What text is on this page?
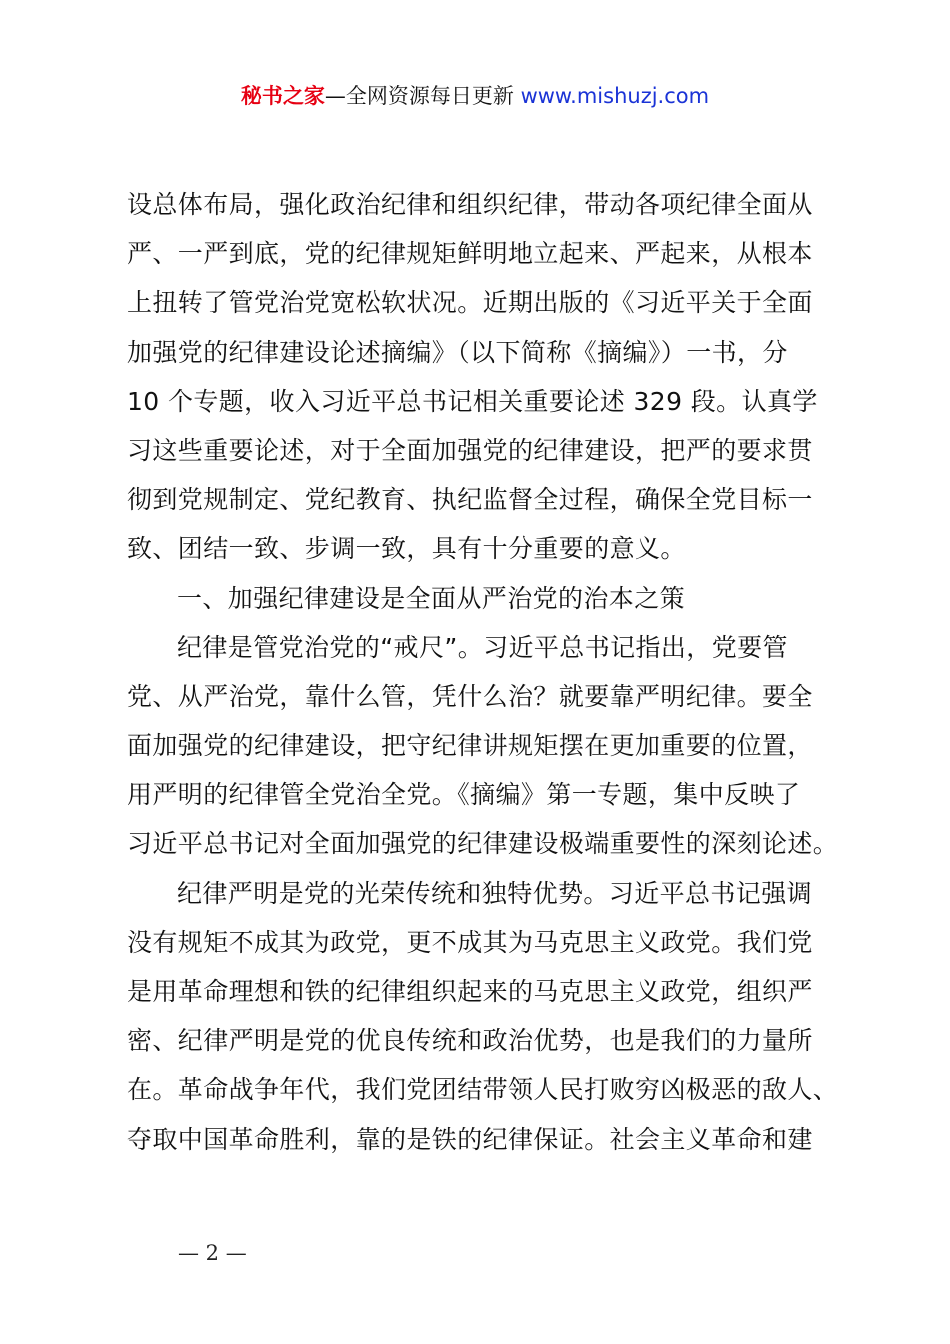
秘书之家—全网资源每日更新 www.mishuzj.com
设总体布局，强化政治纪律和组织纪律，带动各项纪律全面从
严、一严到底，党的纪律规矩鲜明地立起来、严起来，从根本
上扭转了管党治党宽松软状况。近期出版的《习近平关于全面
加强党的纪律建设论述摘编》（以下简称《摘编》）一书，分
10 个专题，收入习近平总书记相关重要论述 329 段。认真学
习这些重要论述，对于全面加强党的纪律建设，把严的要求贯
彻到党规制定、党纪教育、执纪监督全过程，确保全党目标一
致、团结一致、步调一致，具有十分重要的意义。
一、加强纪律建设是全面从严治党的治本之策
纪律是管党治党的“戒尺”。习近平总书记指出，党要管
党、从严治党，靠什么管，凭什么治？就要靠严明纪律。要全
面加强党的纪律建设，把守纪律讲规矩摆在更加重要的位置，
用严明的纪律管全党治全党。《摘编》第一专题，集中反映了
习近平总书记对全面加强党的纪律建设极端重要性的深刻论述。
纪律严明是党的光荣传统和独特优势。习近平总书记强调
没有规矩不成其为政党，更不成其为马克思主义政党。我们党
是用革命理想和铁的纪律组织起来的马克思主义政党，组织严
密、纪律严明是党的优良传统和政治优势，也是我们的力量所
在。革命战争年代，我们党团结带领人民打败穷凶极恶的敌人、
夺取中国革命胜利，靠的是铁的纪律保证。社会主义革命和建
— 2 —
